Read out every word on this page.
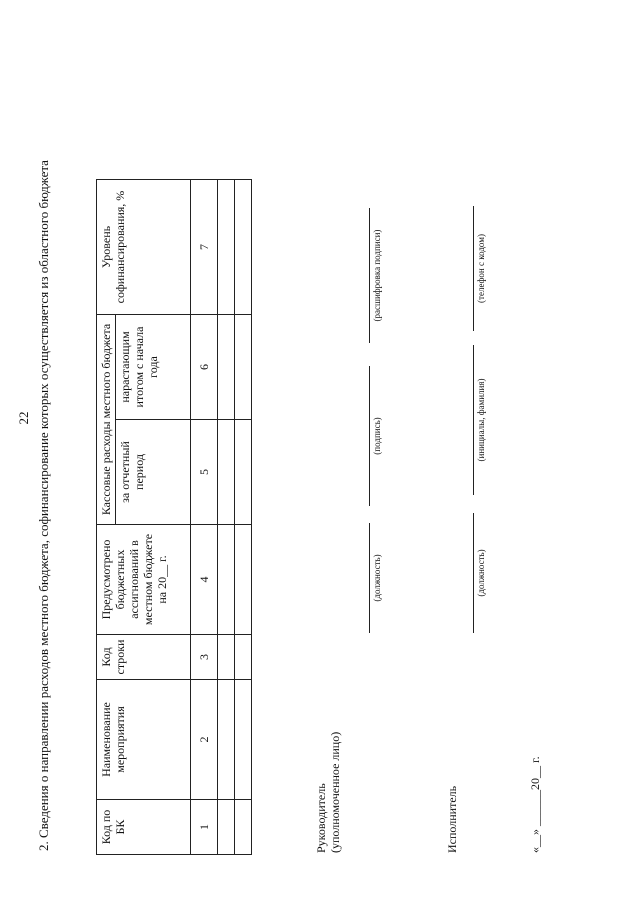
22 2. Сведения о направлении расходов местного бюджета, софинансирование которых осуществляется из областного бюджета	Код по БК	Наименование мероприятия	Код строки	Предусмотрено бюджетных ассигнований в местном бюджете на 20__ г.	Кассовые расходы местного бюджета		Уровень софинансирования, %
				за отчетный период	нарастающим итогом с начала года	
1	2	3	4	5	6	7

Руководитель (уполномоченное лицо)
(должность)
(подпись)
(расшифровка подписи)
Исполнитель
(должность)
(инициалы, фамилия)
(телефон с кодом)
«__» ______20__ г.
